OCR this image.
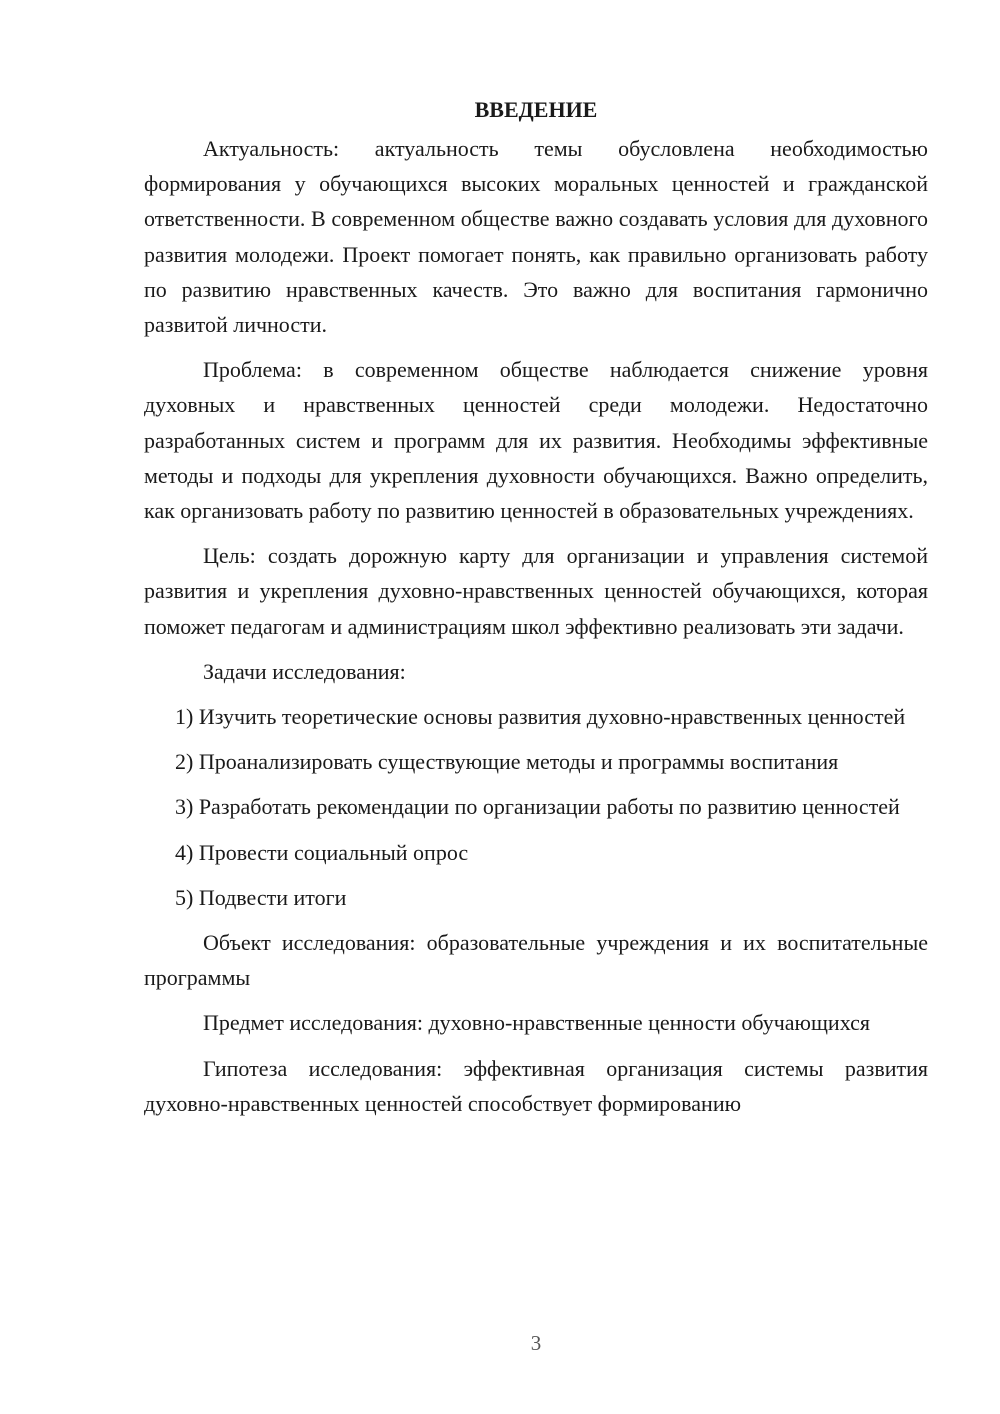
ВВЕДЕНИЕ

Актуальность: актуальность темы обусловлена необходимостью формирования у обучающихся высоких моральных ценностей и гражданской ответственности. В современном обществе важно создавать условия для духовного развития молодежи. Проект помогает понять, как правильно организовать работу по развитию нравственных качеств. Это важно для воспитания гармонично развитой личности.

Проблема: в современном обществе наблюдается снижение уровня духовных и нравственных ценностей среди молодежи. Недостаточно разработанных систем и программ для их развития. Необходимы эффективные методы и подходы для укрепления духовности обучающихся. Важно определить, как организовать работу по развитию ценностей в образовательных учреждениях.

Цель: создать дорожную карту для организации и управления системой развития и укрепления духовно-нравственных ценностей обучающихся, которая поможет педагогам и администрациям школ эффективно реализовать эти задачи.

Задачи исследования:

1) Изучить теоретические основы развития духовно-нравственных ценностей

2) Проанализировать существующие методы и программы воспитания

3) Разработать рекомендации по организации работы по развитию ценностей

4) Провести социальный опрос

5) Подвести итоги

Объект исследования: образовательные учреждения и их воспитательные программы

Предмет исследования: духовно-нравственные ценности обучающихся

Гипотеза исследования: эффективная организация системы развития духовно-нравственных ценностей способствует формированию

3
